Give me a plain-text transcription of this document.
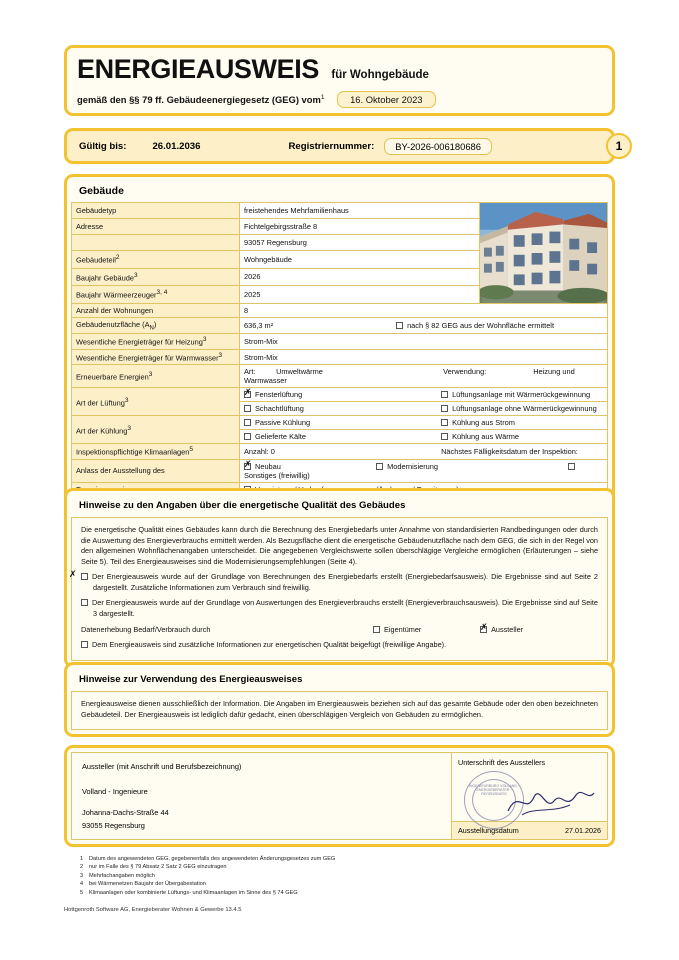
ENERGIEAUSWEIS für Wohngebäude
gemäß den §§ 79 ff. Gebäudeenergiegesetz (GEG) vom$^1$	16. Oktober 2023
Gültig bis:	26.01.2036	Registriernummer:	BY-2026-006180686	1
Gebäude
Gebäudetyp	freistehendes Mehrfamilienhaus	

Adresse	Fichtelgebirgsstraße 8	
	93057 Regensburg	
Gebäudeteil2	Wohngebäude	
Baujahr Gebäude3	2026	
Baujahr Wärmeerzeuger3, 4	2025	
Anzahl der Wohnungen	8	
Gebäudenutzfläche $(A_N)$	636,3 m² nach § 82 GEG aus der Wohnfläche ermittelt	
Wesentliche Energieträger für Heizung3	Strom-Mix	
Wesentliche Energieträger für Warmwasser3	Strom-Mix	
Erneuerbare Energien3	Art: Umweltwärme Verwendung: Heizung und Warmwasser	
Art der Lüftung3	✗Fensterlüftung Lüftungsanlage mit Wärmerückgewinnung
	Schachtlüftung Lüftungsanlage ohne Wärmerückgewinnung	
Art der Kühlung3	Passive Kühlung Kühlung aus Strom	
	Gelieferte Kälte Kühlung aus Wärme	
Inspektionspflichtige Klimaanlagen5	Anzahl: 0 Nächstes Fälligkeitsdatum der Inspektion:	
Anlass der Ausstellung des	✗Neubau Modernisierung Sonstiges (freiwillig)

Hinweise zu den Angaben über die energetische Qualität des Gebäudes

Die energetische Qualität eines Gebäudes kann durch die Berechnung des Energiebedarfs unter Annahme von standardisierten Randbedingungen oder durch die Auswertung des Energieverbrauchs ermittelt werden. Als Bezugsfläche dient die energetische Gebäudenutzfläche nach dem GEG, die sich in der Regel von den allgemeinen Wohnflächenangaben unterscheidet. Die angegebenen Vergleichswerte sollen überschlägige Vergleiche ermöglichen (Erläuterungen – siehe Seite 5). Teil des Energieausweises sind die Modernisierungsempfehlungen (Seite 4).

✗Der Energieausweis wurde auf der Grundlage von Berechnungen des Energiebedarfs erstellt (Energiebedarfsausweis). Die Ergebnisse sind auf Seite 2 dargestellt. Zusätzliche Informationen zum Verbrauch sind freiwillig.

Der Energieausweis wurde auf der Grundlage von Auswertungen des Energieverbrauchs erstellt (Energieverbrauchsausweis). Die Ergebnisse sind auf Seite 3 dargestellt.

Datenerhebung Bedarf/Verbrauch durch	Eigentümer ✗	Aussteller

Dem Energieausweis sind zusätzliche Informationen zur energetischen Qualität beigefügt (freiwillige Angabe).

Hinweise zur Verwendung des Energieausweises

Energieausweise dienen ausschließlich der Information. Die Angaben im Energieausweis beziehen sich auf das gesamte Gebäude oder den oben bezeichneten Gebäudeteil. Der Energieausweis ist lediglich dafür gedacht, einen überschlägigen Vergleich von Gebäuden zu ermöglichen.

Aussteller (mit Anschrift und Berufsbezeichnung)
Volland - Ingenieure
Johanna-Dachs-Straße 44
93055 Regensburg
Unterschrift des Ausstellers
INGENIEURBÜRO VOLLAND · ENERGIEBERATER · REGENSBURG
Ausstellungsdatum	27.01.2026
1	Datum des angewendeten GEG, gegebenenfalls des angewendeten Änderungsgesetzes zum GEG
2	nur im Falle des § 79 Absatz 2 Satz 2 GEG einzutragen
3	Mehrfachangaben möglich
4	bei Wärmenetzen Baujahr der Übergabestation
5	Klimaanlagen oder kombinierte Lüftungs- und Klimaanlagen im Sinne des § 74 GEG
Hottgenroth Software AG, Energieberater Wohnen & Gewerbe 13.4.5
